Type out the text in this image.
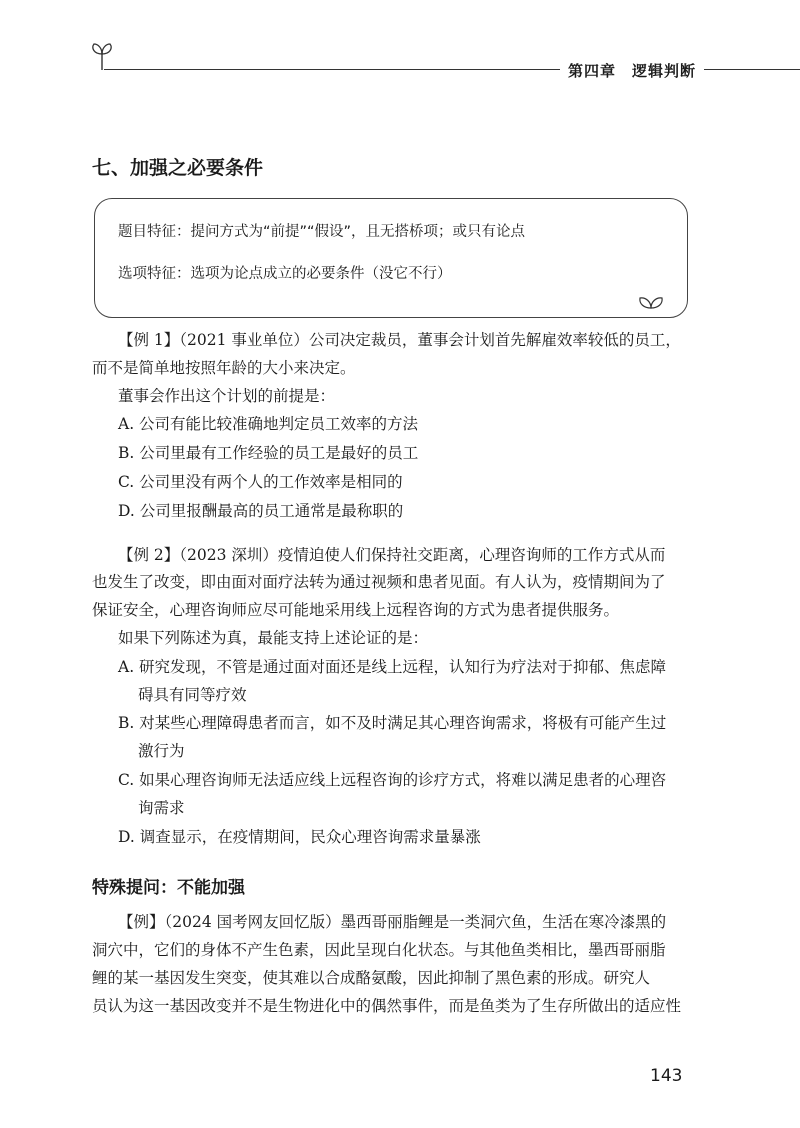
第四章　逻辑判断
七、加强之必要条件
题目特征：提问方式为“前提”“假设”，且无搭桥项；或只有论点
选项特征：选项为论点成立的必要条件（没它不行）
【例 1】（2021 事业单位）公司决定裁员，董事会计划首先解雇效率较低的员工，
而不是简单地按照年龄的大小来决定。
董事会作出这个计划的前提是：
A. 公司有能比较准确地判定员工效率的方法
B. 公司里最有工作经验的员工是最好的员工
C. 公司里没有两个人的工作效率是相同的
D. 公司里报酬最高的员工通常是最称职的
【例 2】（2023 深圳）疫情迫使人们保持社交距离，心理咨询师的工作方式从而
也发生了改变，即由面对面疗法转为通过视频和患者见面。有人认为，疫情期间为了
保证安全，心理咨询师应尽可能地采用线上远程咨询的方式为患者提供服务。
如果下列陈述为真，最能支持上述论证的是：
A. 研究发现，不管是通过面对面还是线上远程，认知行为疗法对于抑郁、焦虑障
碍具有同等疗效
B. 对某些心理障碍患者而言，如不及时满足其心理咨询需求，将极有可能产生过
激行为
C. 如果心理咨询师无法适应线上远程咨询的诊疗方式，将难以满足患者的心理咨
询需求
D. 调查显示，在疫情期间，民众心理咨询需求量暴涨
特殊提问：不能加强
【例】（2024 国考网友回忆版）墨西哥丽脂鲤是一类洞穴鱼，生活在寒冷漆黑的
洞穴中，它们的身体不产生色素，因此呈现白化状态。与其他鱼类相比，墨西哥丽脂
鲤的某一基因发生突变，使其难以合成酪氨酸，因此抑制了黑色素的形成。研究人
员认为这一基因改变并不是生物进化中的偶然事件，而是鱼类为了生存所做出的适应性
143
